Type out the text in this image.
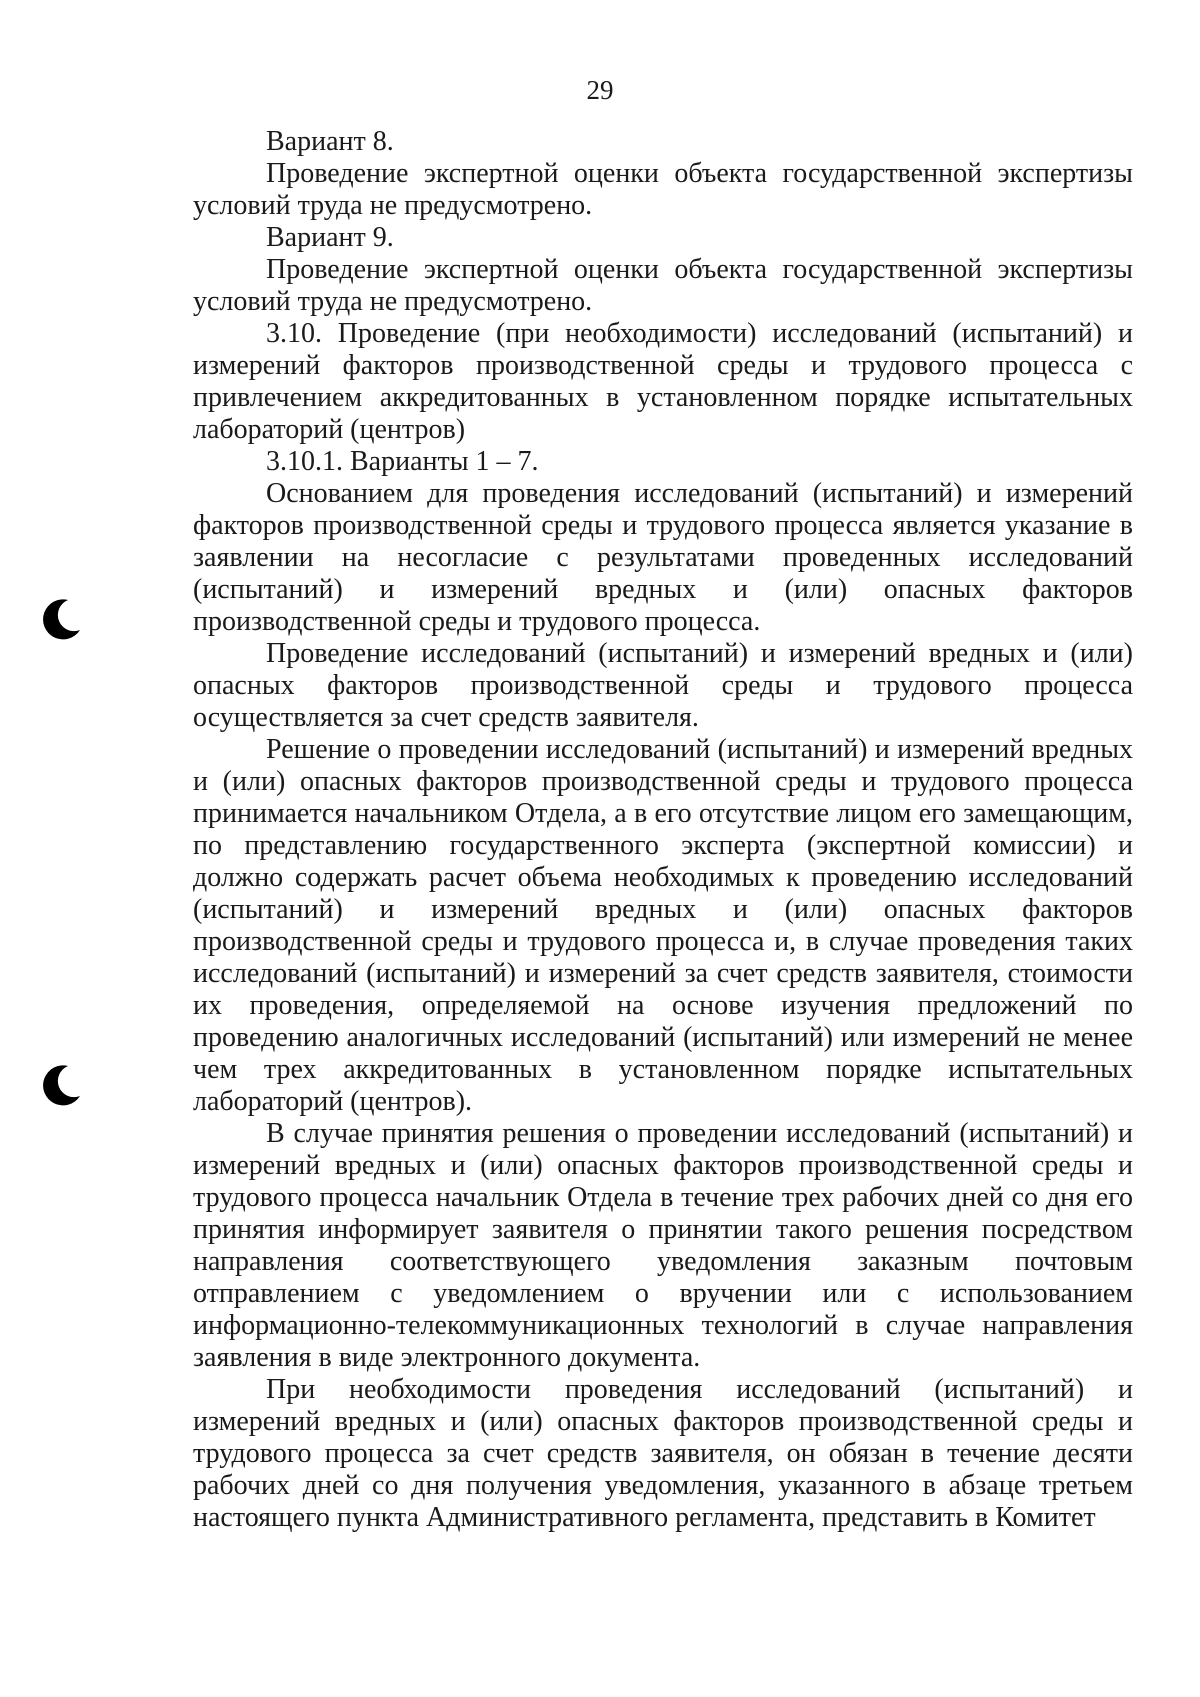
29

Вариант 8.

Проведение экспертной оценки объекта государственной экспертизы условий труда не предусмотрено.

Вариант 9.

Проведение экспертной оценки объекта государственной экспертизы условий труда не предусмотрено.

3.10. Проведение (при необходимости) исследований (испытаний) и измерений факторов производственной среды и трудового процесса с привлечением аккредитованных в установленном порядке испытательных лабораторий (центров)

3.10.1. Варианты 1 – 7.

Основанием для проведения исследований (испытаний) и измерений факторов производственной среды и трудового процесса является указание в заявлении на несогласие с результатами проведенных исследований (испытаний) и измерений вредных и (или) опасных факторов производственной среды и трудового процесса.

Проведение исследований (испытаний) и измерений вредных и (или) опасных факторов производственной среды и трудового процесса осуществляется за счет средств заявителя.

Решение о проведении исследований (испытаний) и измерений вредных и (или) опасных факторов производственной среды и трудового процесса принимается начальником Отдела, а в его отсутствие лицом его замещающим, по представлению государственного эксперта (экспертной комиссии) и должно содержать расчет объема необходимых к проведению исследований (испытаний) и измерений вредных и (или) опасных факторов производственной среды и трудового процесса и, в случае проведения таких исследований (испытаний) и измерений за счет средств заявителя, стоимости их проведения, определяемой на основе изучения предложений по проведению аналогичных исследований (испытаний) или измерений не менее чем трех аккредитованных в установленном порядке испытательных лабораторий (центров).

В случае принятия решения о проведении исследований (испытаний) и измерений вредных и (или) опасных факторов производственной среды и трудового процесса начальник Отдела в течение трех рабочих дней со дня его принятия информирует заявителя о принятии такого решения посредством направления соответствующего уведомления заказным почтовым отправлением с уведомлением о вручении или с использованием информационно-телекоммуникационных технологий в случае направления заявления в виде электронного документа.

При необходимости проведения исследований (испытаний) и измерений вредных и (или) опасных факторов производственной среды и трудового процесса за счет средств заявителя, он обязан в течение десяти рабочих дней со дня получения уведомления, указанного в абзаце третьем настоящего пункта Административного регламента, представить в Комитет
